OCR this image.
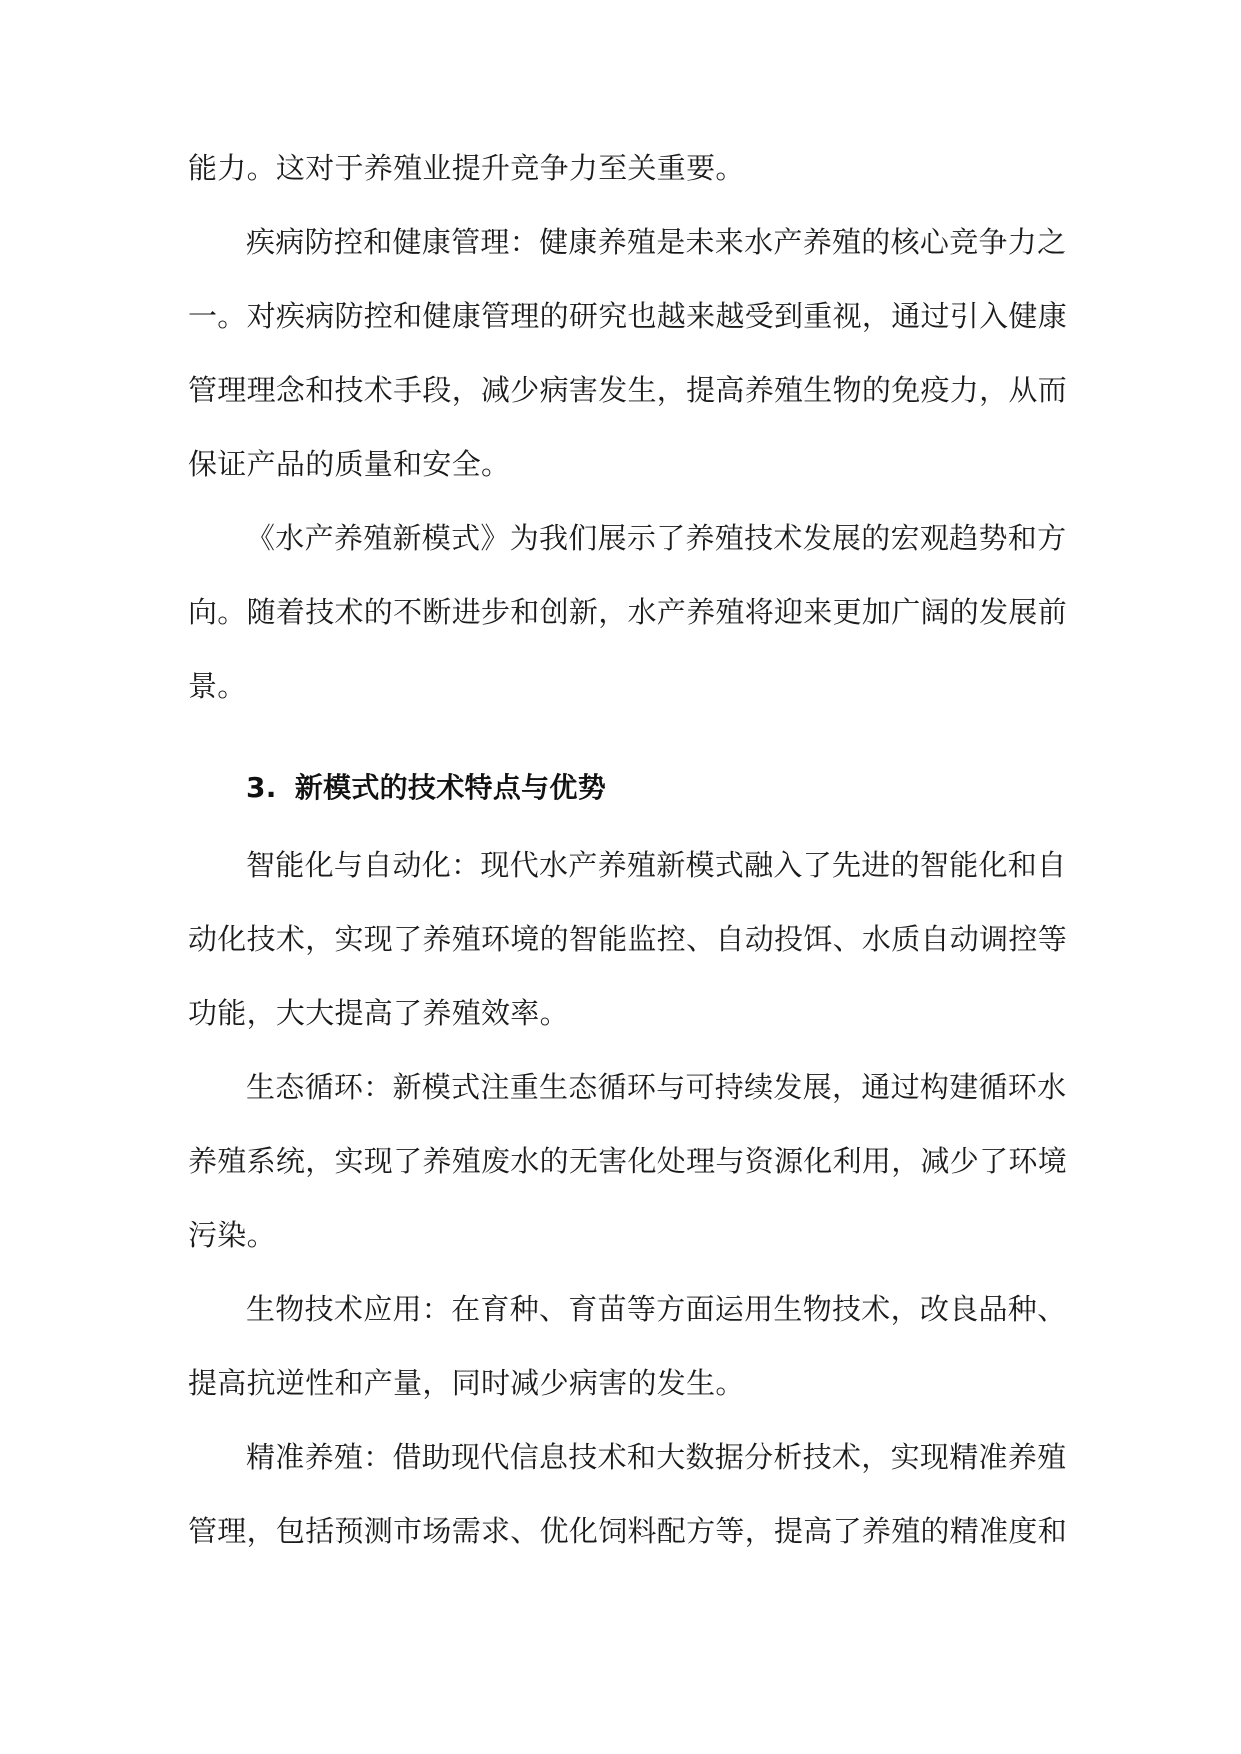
能力。这对于养殖业提升竞争力至关重要。
疾病防控和健康管理：健康养殖是未来水产养殖的核心竞争力之
一。对疾病防控和健康管理的研究也越来越受到重视，通过引入健康
管理理念和技术手段，减少病害发生，提高养殖生物的免疫力，从而
保证产品的质量和安全。
《水产养殖新模式》为我们展示了养殖技术发展的宏观趋势和方
向。随着技术的不断进步和创新，水产养殖将迎来更加广阔的发展前
景。
3. 新模式的技术特点与优势
智能化与自动化：现代水产养殖新模式融入了先进的智能化和自
动化技术，实现了养殖环境的智能监控、自动投饵、水质自动调控等
功能，大大提高了养殖效率。
生态循环：新模式注重生态循环与可持续发展，通过构建循环水
养殖系统，实现了养殖废水的无害化处理与资源化利用，减少了环境
污染。
生物技术应用：在育种、育苗等方面运用生物技术，改良品种、
提高抗逆性和产量，同时减少病害的发生。
精准养殖：借助现代信息技术和大数据分析技术，实现精准养殖
管理，包括预测市场需求、优化饲料配方等，提高了养殖的精准度和
